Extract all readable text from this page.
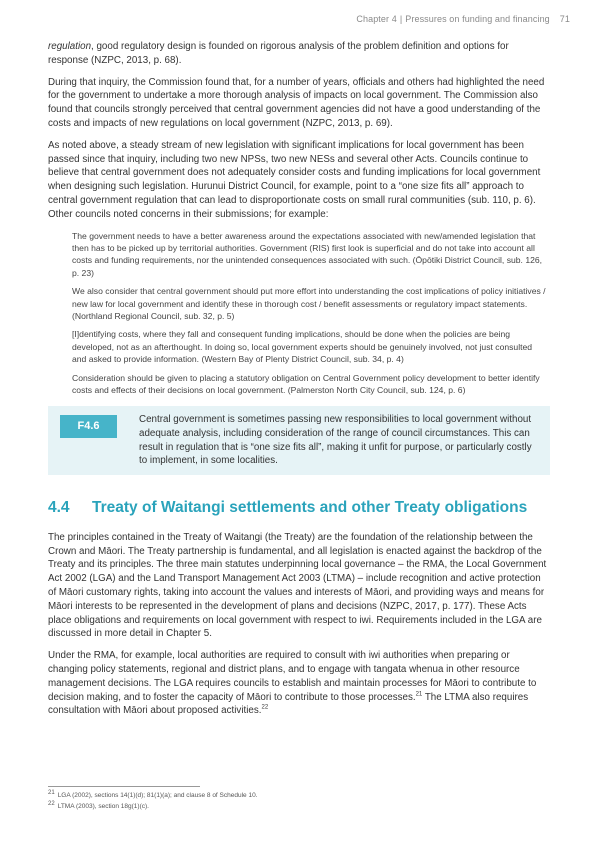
Chapter 4 | Pressures on funding and financing 71

regulation, good regulatory design is founded on rigorous analysis of the problem definition and options for response (NZPC, 2013, p. 68).

During that inquiry, the Commission found that, for a number of years, officials and others had highlighted the need for the government to undertake a more thorough analysis of impacts on local government. The Commission also found that councils strongly perceived that central government agencies did not have a good understanding of the costs and impacts of new regulations on local government (NZPC, 2013, p. 69).

As noted above, a steady stream of new legislation with significant implications for local government has been passed since that inquiry, including two new NPSs, two new NESs and several other Acts. Councils continue to believe that central government does not adequately consider costs and funding implications for local government when designing such legislation. Hurunui District Council, for example, point to a “one size fits all” approach to central government regulation that can lead to disproportionate costs on small rural communities (sub. 110, p. 6). Other councils noted concerns in their submissions; for example:

The government needs to have a better awareness around the expectations associated with new/amended legislation that then has to be picked up by territorial authorities. Government (RIS) first look is superficial and do not take into account all costs and funding requirements, nor the unintended consequences associated with such. (Ōpōtiki District Council, sub. 126, p. 23)

We also consider that central government should put more effort into understanding the cost implications of policy initiatives / new law for local government and identify these in thorough cost / benefit assessments or regulatory impact statements. (Northland Regional Council, sub. 32, p. 5)

[I]dentifying costs, where they fall and consequent funding implications, should be done when the policies are being developed, not as an afterthought. In doing so, local government experts should be genuinely involved, not just consulted and asked to provide information. (Western Bay of Plenty District Council, sub. 34, p. 4)

Consideration should be given to placing a statutory obligation on Central Government policy development to better identify costs and effects of their decisions on local government. (Palmerston North City Council, sub. 124, p. 6)

F4.6
Central government is sometimes passing new responsibilities to local government without adequate analysis, including consideration of the range of council circumstances. This can result in regulation that is “one size fits all”, making it unfit for purpose, or particularly costly to implement, in some localities.
4.4	Treaty of Waitangi settlements and other Treaty obligations

The principles contained in the Treaty of Waitangi (the Treaty) are the foundation of the relationship between the Crown and Māori. The Treaty partnership is fundamental, and all legislation is enacted against the backdrop of the Treaty and its principles. The three main statutes underpinning local governance – the RMA, the Local Government Act 2002 (LGA) and the Land Transport Management Act 2003 (LTMA) – include recognition and active protection of Māori customary rights, taking into account the values and interests of Māori, and providing ways and means for Māori interests to be represented in the development of plans and decisions (NZPC, 2017, p. 177). These Acts place obligations and requirements on local government with respect to iwi. Requirements included in the LGA are discussed in more detail in Chapter 5.

Under the RMA, for example, local authorities are required to consult with iwi authorities when preparing or changing policy statements, regional and district plans, and to engage with tangata whenua in other resource management decisions. The LGA requires councils to establish and maintain processes for Māori to contribute to decision making, and to foster the capacity of Māori to contribute to those processes.$^{21}$ The LTMA also requires consultation with Māori about proposed activities.$^{22}$

$^{21}$ LGA (2002), sections 14(1)(d); 81(1)(a); and clause 8 of Schedule 10.
$^{22}$ LTMA (2003), section 18g(1)(c).
